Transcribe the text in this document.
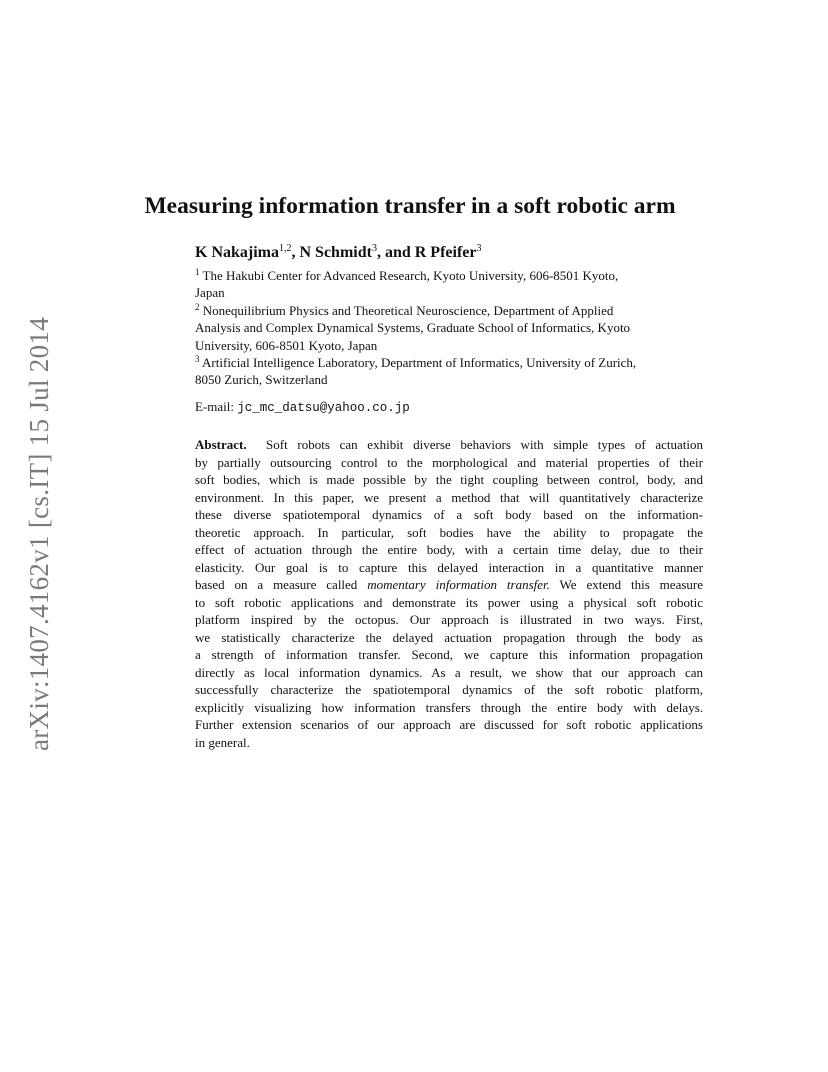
arXiv:1407.4162v1 [cs.IT] 15 Jul 2014
Measuring information transfer in a soft robotic arm
K Nakajima$^{1,2}$, N Schmidt$^3$, and R Pfeifer$^3$
$^1$ The Hakubi Center for Advanced Research, Kyoto University, 606-8501 Kyoto,
Japan
$^2$ Nonequilibrium Physics and Theoretical Neuroscience, Department of Applied
Analysis and Complex Dynamical Systems, Graduate School of Informatics, Kyoto
University, 606-8501 Kyoto, Japan
$^3$ Artificial Intelligence Laboratory, Department of Informatics, University of Zurich,
8050 Zurich, Switzerland
E-mail: jc_mc_datsu@yahoo.co.jp
Abstract. Soft robots can exhibit diverse behaviors with simple types of actuation
by partially outsourcing control to the morphological and material properties of their
soft bodies, which is made possible by the tight coupling between control, body, and
environment. In this paper, we present a method that will quantitatively characterize
these diverse spatiotemporal dynamics of a soft body based on the information-
theoretic approach. In particular, soft bodies have the ability to propagate the
effect of actuation through the entire body, with a certain time delay, due to their
elasticity. Our goal is to capture this delayed interaction in a quantitative manner
based on a measure called momentary information transfer. We extend this measure
to soft robotic applications and demonstrate its power using a physical soft robotic
platform inspired by the octopus. Our approach is illustrated in two ways. First,
we statistically characterize the delayed actuation propagation through the body as
a strength of information transfer. Second, we capture this information propagation
directly as local information dynamics. As a result, we show that our approach can
successfully characterize the spatiotemporal dynamics of the soft robotic platform,
explicitly visualizing how information transfers through the entire body with delays.
Further extension scenarios of our approach are discussed for soft robotic applications
in general.
